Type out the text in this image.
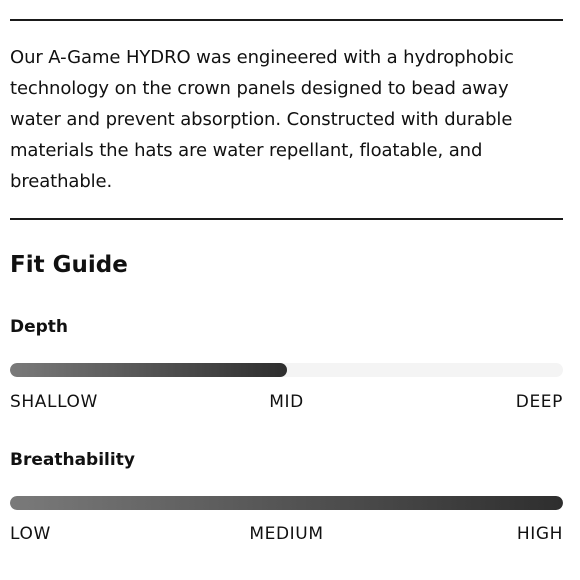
Our A-Game HYDRO was engineered with a hydrophobic technology on the crown panels designed to bead away water and prevent absorption. Constructed with durable materials the hats are water repellant, floatable, and breathable.

Fit Guide
Depth
SHALLOW	MID	DEEP
Breathability
LOW	MEDIUM	HIGH
